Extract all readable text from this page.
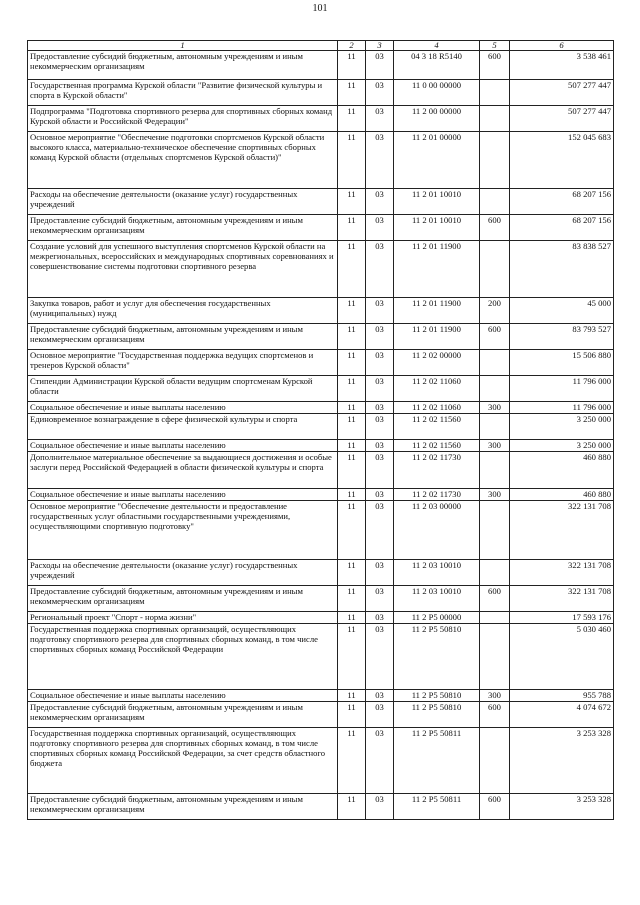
101
1	2	3	4	5	6
Предоставление субсидий бюджетным, автономным учреждениям и иным некоммерческим организациям	11	03	04 3 18 R5140	600	3 538 461
Государственная программа Курской области "Развитие физической культуры и спорта в Курской области"	11	03	11 0 00 00000		507 277 447
Подпрограмма "Подготовка спортивного резерва для спортивных сборных команд Курской области и Российской Федерации"	11	03	11 2 00 00000		507 277 447
Основное мероприятие "Обеспечение подготовки спортсменов Курской области высокого класса, материально-техническое обеспечение спортивных сборных команд Курской области (отдельных спортсменов Курской области)"	11	03	11 2 01 00000		152 045 683
Расходы на обеспечение деятельности (оказание услуг) государственных учреждений	11	03	11 2 01 10010		68 207 156
Предоставление субсидий бюджетным, автономным учреждениям и иным некоммерческим организациям	11	03	11 2 01 10010	600	68 207 156
Создание условий для успешного выступления спортсменов Курской области на межрегиональных, всероссийских и международных спортивных соревнованиях и совершенствование системы подготовки спортивного резерва	11	03	11 2 01 11900		83 838 527
Закупка товаров, работ и услуг для обеспечения государственных (муниципальных) нужд	11	03	11 2 01 11900	200	45 000
Предоставление субсидий бюджетным, автономным учреждениям и иным некоммерческим организациям	11	03	11 2 01 11900	600	83 793 527
Основное мероприятие "Государственная поддержка ведущих спортсменов и тренеров Курской области"	11	03	11 2 02 00000		15 506 880
Стипендии Администрации Курской области ведущим спортсменам Курской области	11	03	11 2 02 11060		11 796 000
Социальное обеспечение и иные выплаты населению	11	03	11 2 02 11060	300	11 796 000
Единовременное вознаграждение в сфере физической культуры и спорта	11	03	11 2 02 11560		3 250 000
Социальное обеспечение и иные выплаты населению	11	03	11 2 02 11560	300	3 250 000
Дополнительное материальное обеспечение за выдающиеся достижения и особые заслуги перед Российской Федерацией в области физической культуры и спорта	11	03	11 2 02 11730		460 880
Социальное обеспечение и иные выплаты населению	11	03	11 2 02 11730	300	460 880
Основное мероприятие "Обеспечение деятельности и предоставление государственных услуг областными государственными учреждениями, осуществляющими спортивную подготовку"	11	03	11 2 03 00000		322 131 708
Расходы на обеспечение деятельности (оказание услуг) государственных учреждений	11	03	11 2 03 10010		322 131 708
Предоставление субсидий бюджетным, автономным учреждениям и иным некоммерческим организациям	11	03	11 2 03 10010	600	322 131 708
Региональный проект "Спорт - норма жизни"	11	03	11 2 P5 00000		17 593 176
Государственная поддержка спортивных организаций, осуществляющих подготовку спортивного резерва для спортивных сборных команд, в том числе спортивных сборных команд Российской Федерации	11	03	11 2 P5 50810		5 030 460
Социальное обеспечение и иные выплаты населению	11	03	11 2 P5 50810	300	955 788
Предоставление субсидий бюджетным, автономным учреждениям и иным некоммерческим организациям	11	03	11 2 P5 50810	600	4 074 672
Государственная поддержка спортивных организаций, осуществляющих подготовку спортивного резерва для спортивных сборных команд, в том числе спортивных сборных команд Российской Федерации, за счет средств областного бюджета	11	03	11 2 P5 50811		3 253 328
Предоставление субсидий бюджетным, автономным учреждениям и иным некоммерческим организациям	11	03	11 2 P5 50811	600	3 253 328
